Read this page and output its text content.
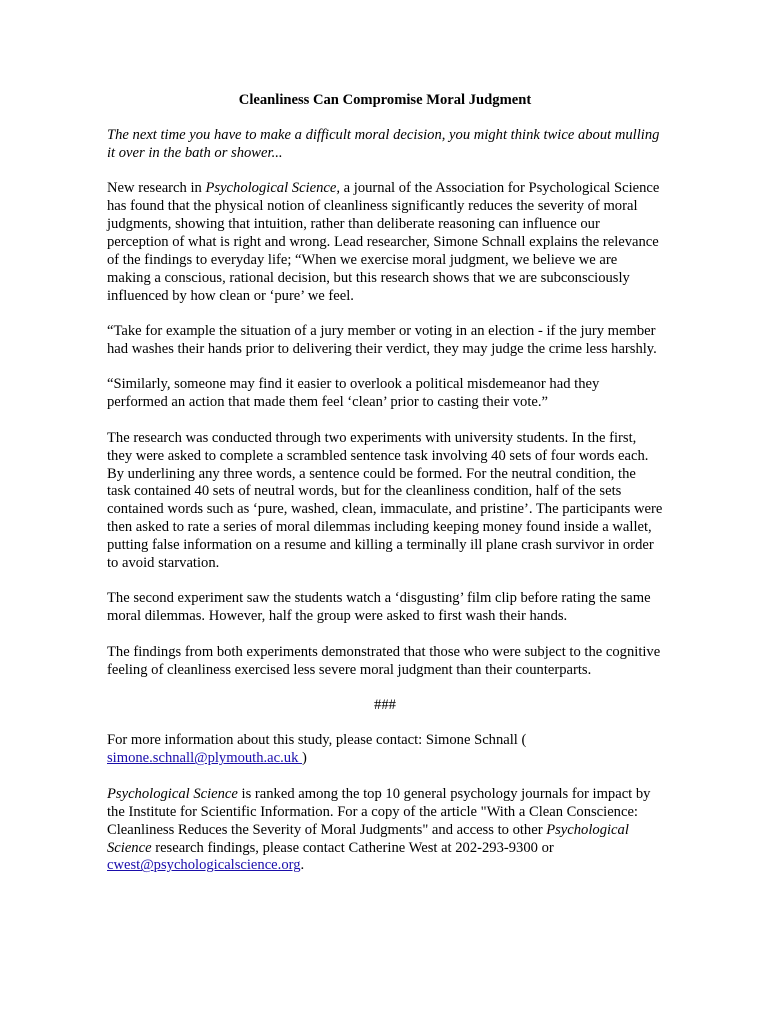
Cleanliness Can Compromise Moral Judgment

The next time you have to make a difficult moral decision, you might think twice about mulling it over in the bath or shower...

New research in Psychological Science, a journal of the Association for Psychological Science has found that the physical notion of cleanliness significantly reduces the severity of moral judgments, showing that intuition, rather than deliberate reasoning can influence our perception of what is right and wrong. Lead researcher, Simone Schnall explains the relevance of the findings to everyday life; “When we exercise moral judgment, we believe we are making a conscious, rational decision, but this research shows that we are subconsciously influenced by how clean or ‘pure’ we feel.

“Take for example the situation of a jury member or voting in an election - if the jury member had washes their hands prior to delivering their verdict, they may judge the crime less harshly.

“Similarly, someone may find it easier to overlook a political misdemeanor had they performed an action that made them feel ‘clean’ prior to casting their vote.”

The research was conducted through two experiments with university students. In the first, they were asked to complete a scrambled sentence task involving 40 sets of four words each. By underlining any three words, a sentence could be formed. For the neutral condition, the task contained 40 sets of neutral words, but for the cleanliness condition, half of the sets contained words such as ‘pure, washed, clean, immaculate, and pristine’. The participants were then asked to rate a series of moral dilemmas including keeping money found inside a wallet, putting false information on a resume and killing a terminally ill plane crash survivor in order to avoid starvation.

The second experiment saw the students watch a ‘disgusting’ film clip before rating the same moral dilemmas. However, half the group were asked to first wash their hands.

The findings from both experiments demonstrated that those who were subject to the cognitive feeling of cleanliness exercised less severe moral judgment than their counterparts.

###

For more information about this study, please contact: Simone Schnall ( simone.schnall@plymouth.ac.uk )

Psychological Science is ranked among the top 10 general psychology journals for impact by the Institute for Scientific Information. For a copy of the article "With a Clean Conscience: Cleanliness Reduces the Severity of Moral Judgments" and access to other Psychological Science research findings, please contact Catherine West at 202-293-9300 or cwest@psychologicalscience.org.
